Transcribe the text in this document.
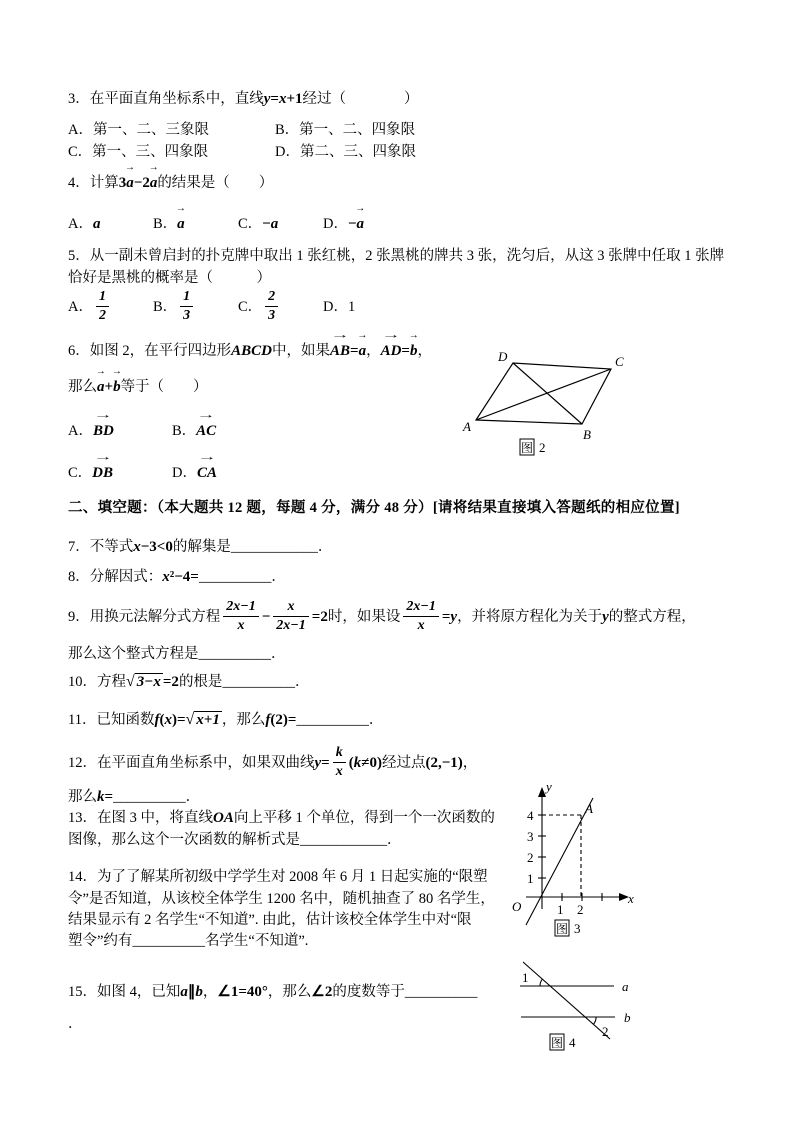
3．在平面直角坐标系中，直线y=x+1经过（　　　　）
A．第一、二、三象限	B．第一、二、四象限
C．第一、三、四象限	D．第二、三、四象限
4．计算3→ a−2→ a的结果是（　　）
A．a	B．→ a	C．−a	D．−→ a
5．从一副未曾启封的扑克牌中取出 1 张红桃，2 张黑桃的牌共 3 张，洗匀后，从这 3 张牌中任取 1 张牌
恰好是黑桃的概率是（　　　）
A． $\frac{1}{2}$	B． $\frac{1}{3}$	C． $\frac{2}{3}$	D．1
6．如图 2，在平行四边形ABCD中，如果→ AB=→ a，→ AD=→ b，
那么→ a+→ b等于（　　）
A．→ BD	B．→ AC
C．→ DB	D．→ CA
A
B
C
D
图 2
二、填空题：（本大题共 12 题，每题 4 分，满分 48 分）[请将结果直接填入答题纸的相应位置]
7．不等式x−3<0的解集是____________．
8．分解因式：x²−4=__________．
9．用换元法解分式方程 $\frac{2x-1}{x} - \frac{x}{2x-1} =2$时，如果设 $\frac{2x-1}{x} =y$，并将原方程化为关于y的整式方程，
那么这个整式方程是__________．
10．方程√ 3−x =2的根是__________．
11．已知函数f(x)=√ x+1 ，那么f(2)=__________．
12．在平面直角坐标系中，如果双曲线$y= \frac{k}{x} (k\ne 0)$经过点(2,−1)，
那么k=__________．
13．在图 3 中，将直线OA向上平移 1 个单位，得到一个一次函数的
图像，那么这个一次函数的解析式是____________．
14．为了了解某所初级中学学生对 2008 年 6 月 1 日起实施的“限塑
令”是否知道，从该校全体学生 1200 名中，随机抽查了 80 名学生，
结果显示有 2 名学生“不知道”. 由此，估计该校全体学生中对“限
塑令”约有__________名学生“不知道”.
15．如图 4，已知a∥b，∠1=40°，那么∠2的度数等于__________
．
y
x
O
A
1 2
1
2
3
4
图 3
a
b
1
2
图 4
